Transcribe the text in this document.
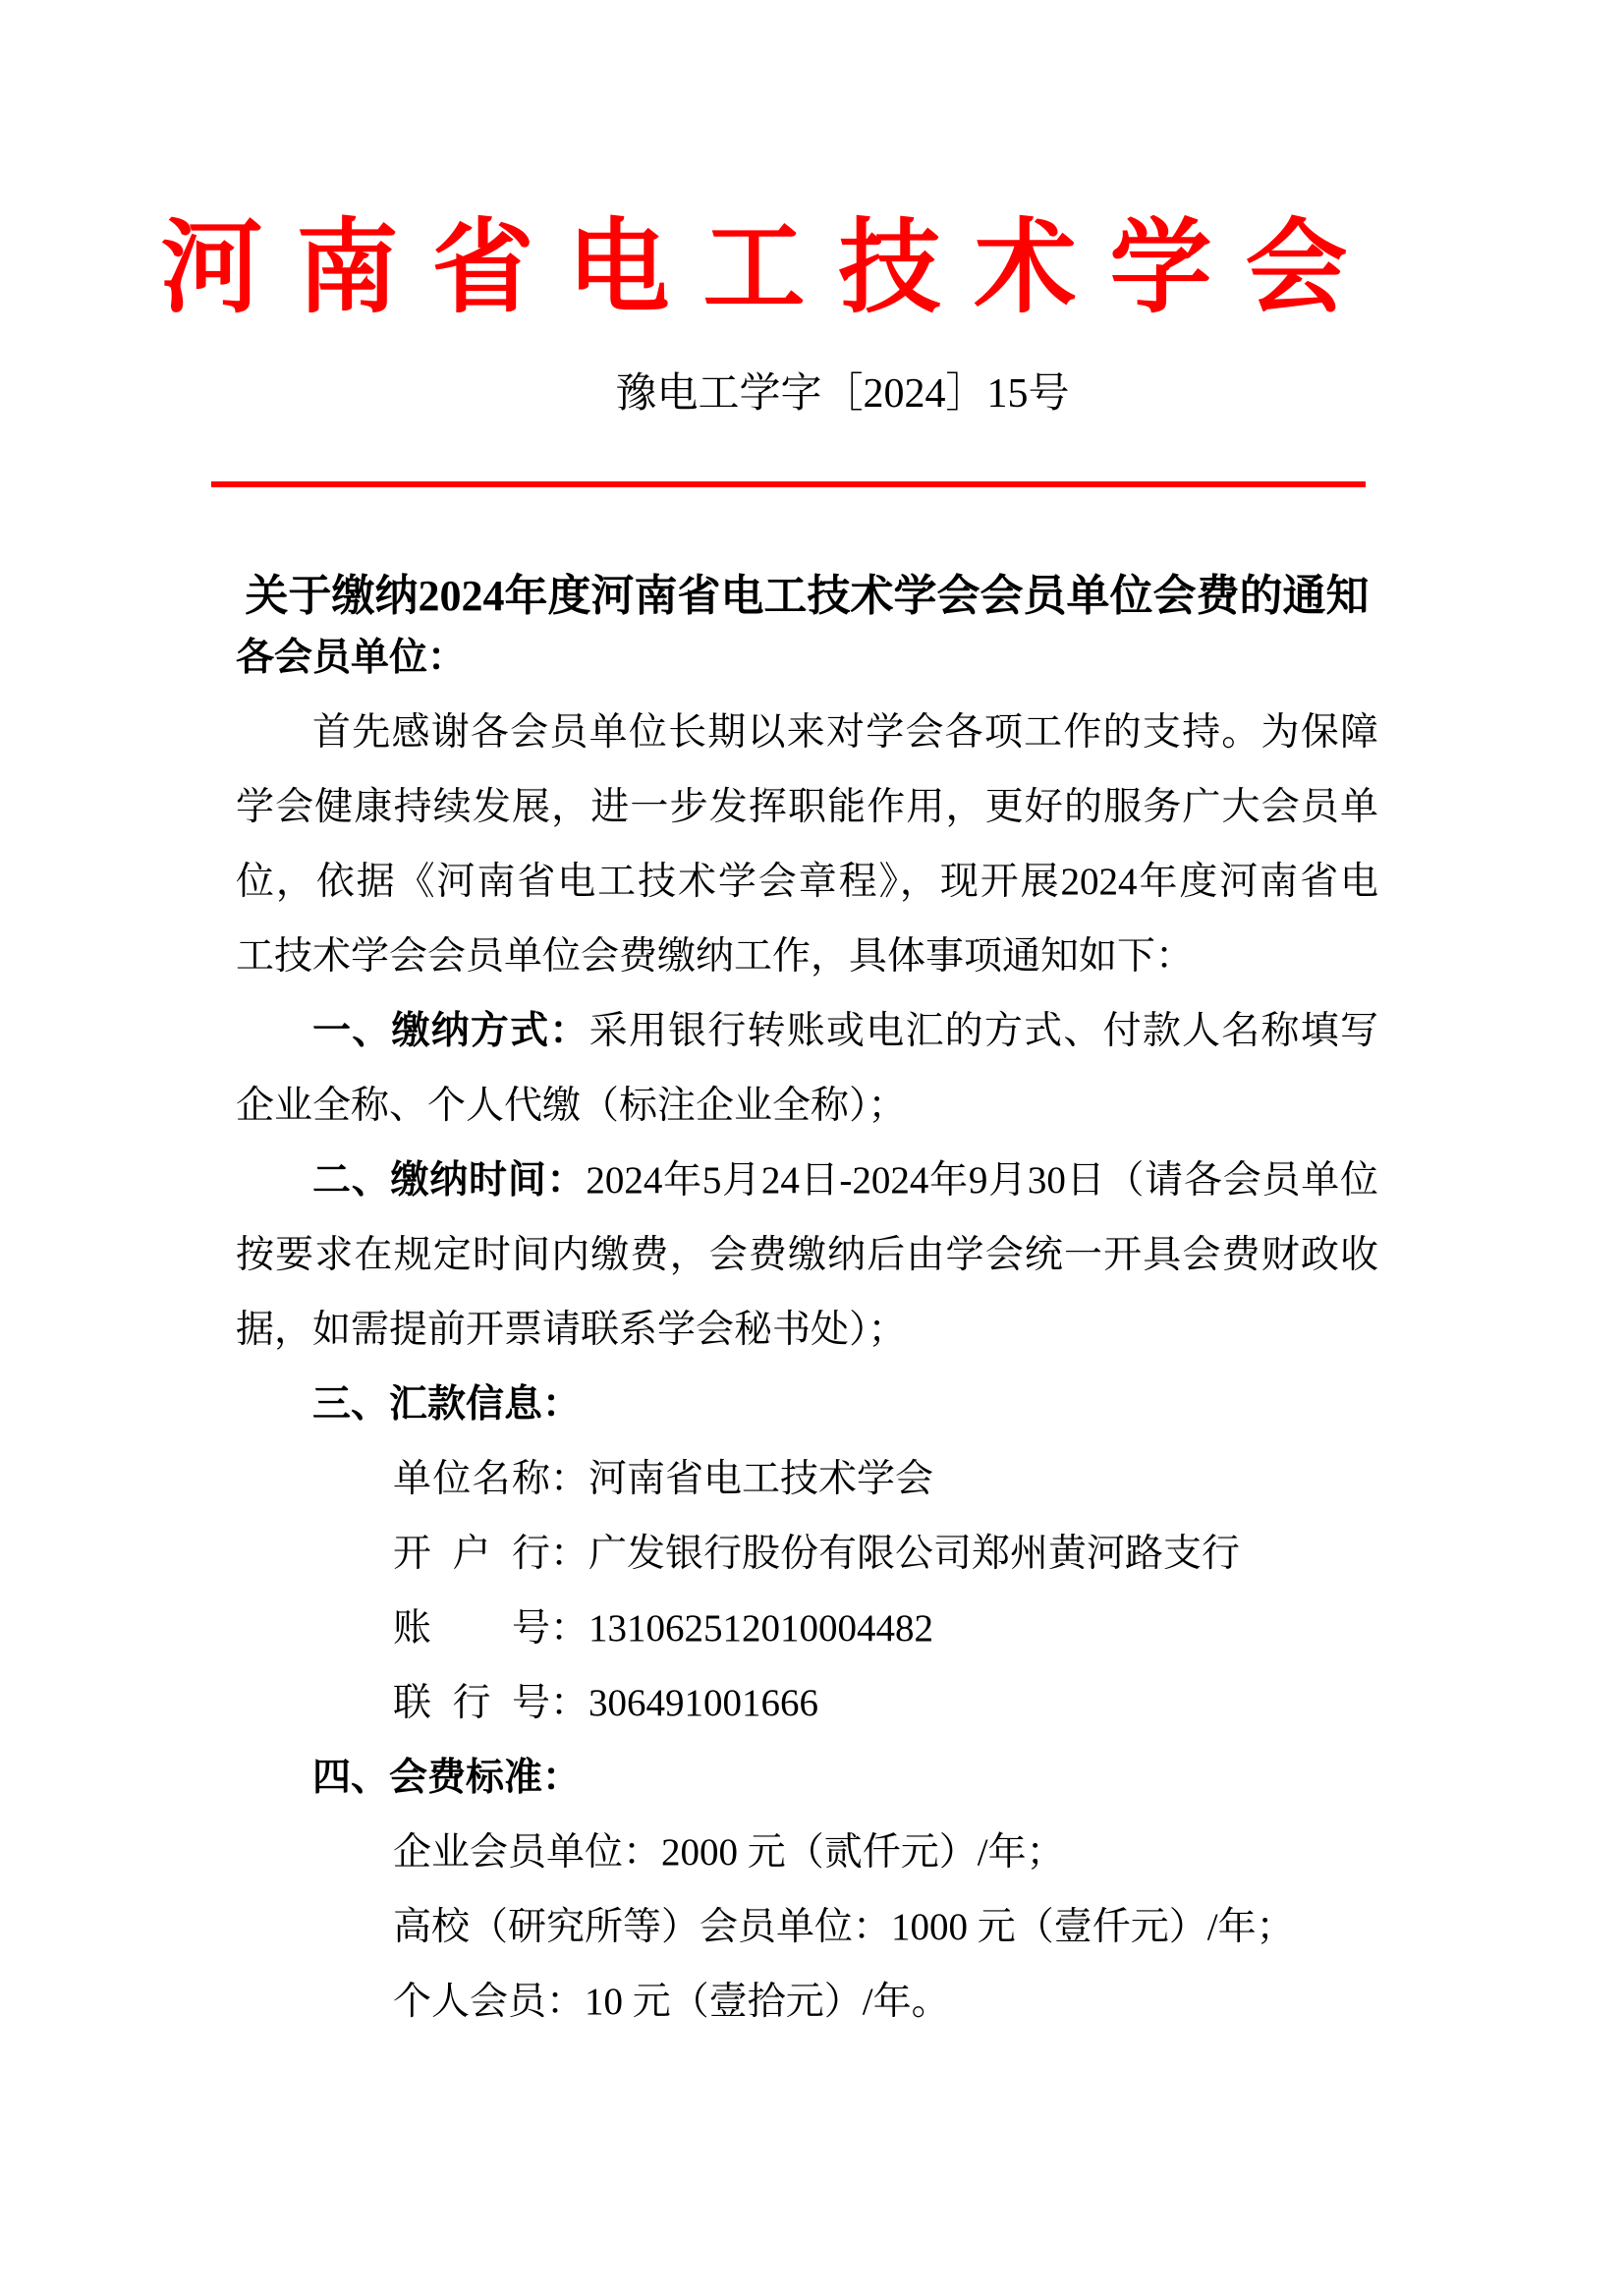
河南省电工技术学会
豫电工学字［2024］15号
关于缴纳2024年度河南省电工技术学会会员单位会费的通知
各会员单位：
首先感谢各会员单位长期以来对学会各项工作的支持。为保障
学会健康持续发展，进一步发挥职能作用，更好的服务广大会员单
位，依据《河南省电工技术学会章程》，现开展2024年度河南省电
工技术学会会员单位会费缴纳工作，具体事项通知如下：
一、缴纳方式：采用银行转账或电汇的方式、付款人名称填写
企业全称、个人代缴（标注企业全称）；
二、缴纳时间：2024年5月24日-2024年9月30日（请各会员单位
按要求在规定时间内缴费，会费缴纳后由学会统一开具会费财政收
据，如需提前开票请联系学会秘书处）；
三、汇款信息：
单位名称：河南省电工技术学会
开户行：广发银行股份有限公司郑州黄河路支行
账号：131062512010004482
联行号：306491001666
四、会费标准：
企业会员单位：2000 元（贰仟元）/年；
高校（研究所等）会员单位：1000 元（壹仟元）/年；
个人会员：10 元（壹拾元）/年。
